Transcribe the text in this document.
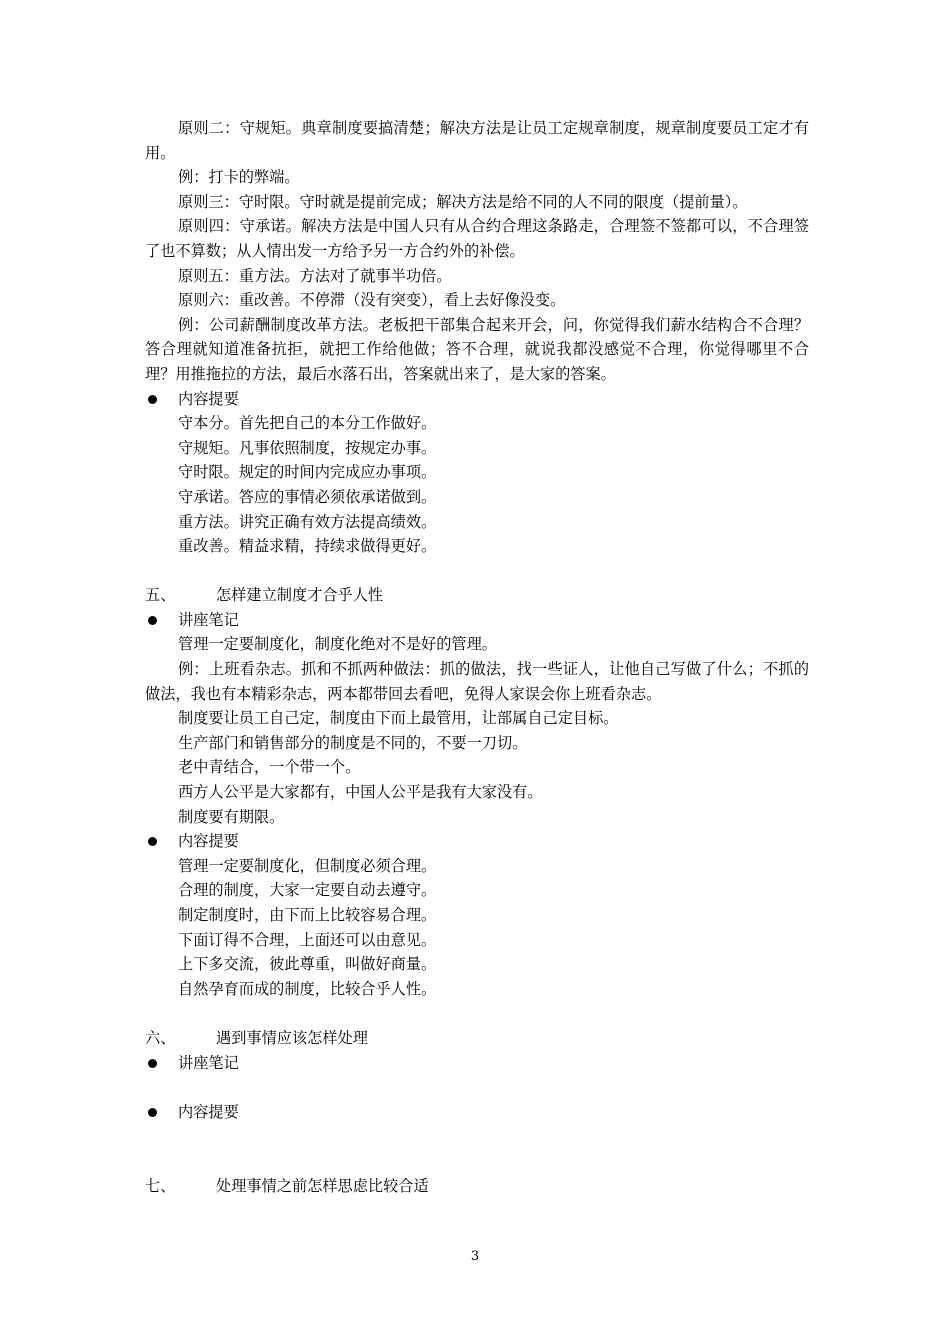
原则二：守规矩。典章制度要搞清楚；解决方法是让员工定规章制度，规章制度要员工定才有用。

例：打卡的弊端。

原则三：守时限。守时就是提前完成；解决方法是给不同的人不同的限度（提前量）。

原则四：守承诺。解决方法是中国人只有从合约合理这条路走，合理签不签都可以，不合理签了也不算数；从人情出发一方给予另一方合约外的补偿。

原则五：重方法。方法对了就事半功倍。

原则六：重改善。不停滞（没有突变），看上去好像没变。

例：公司薪酬制度改革方法。老板把干部集合起来开会，问，你觉得我们薪水结构合不合理？答合理就知道准备抗拒，就把工作给他做；答不合理，就说我都没感觉不合理，你觉得哪里不合理？用推拖拉的方法，最后水落石出，答案就出来了，是大家的答案。

内容提要

守本分。首先把自己的本分工作做好。

守规矩。凡事依照制度，按规定办事。

守时限。规定的时间内完成应办事项。

守承诺。答应的事情必须依承诺做到。

重方法。讲究正确有效方法提高绩效。

重改善。精益求精，持续求做得更好。

五、	怎样建立制度才合乎人性

讲座笔记

管理一定要制度化，制度化绝对不是好的管理。

例：上班看杂志。抓和不抓两种做法：抓的做法，找一些证人，让他自己写做了什么；不抓的做法，我也有本精彩杂志，两本都带回去看吧，免得人家误会你上班看杂志。

制度要让员工自己定，制度由下而上最管用，让部属自己定目标。

生产部门和销售部分的制度是不同的，不要一刀切。

老中青结合，一个带一个。

西方人公平是大家都有，中国人公平是我有大家没有。

制度要有期限。

内容提要

管理一定要制度化，但制度必须合理。

合理的制度，大家一定要自动去遵守。

制定制度时，由下而上比较容易合理。

下面订得不合理，上面还可以由意见。

上下多交流，彼此尊重，叫做好商量。

自然孕育而成的制度，比较合乎人性。

六、	遇到事情应该怎样处理

讲座笔记

内容提要

七、	处理事情之前怎样思虑比较合适

3
